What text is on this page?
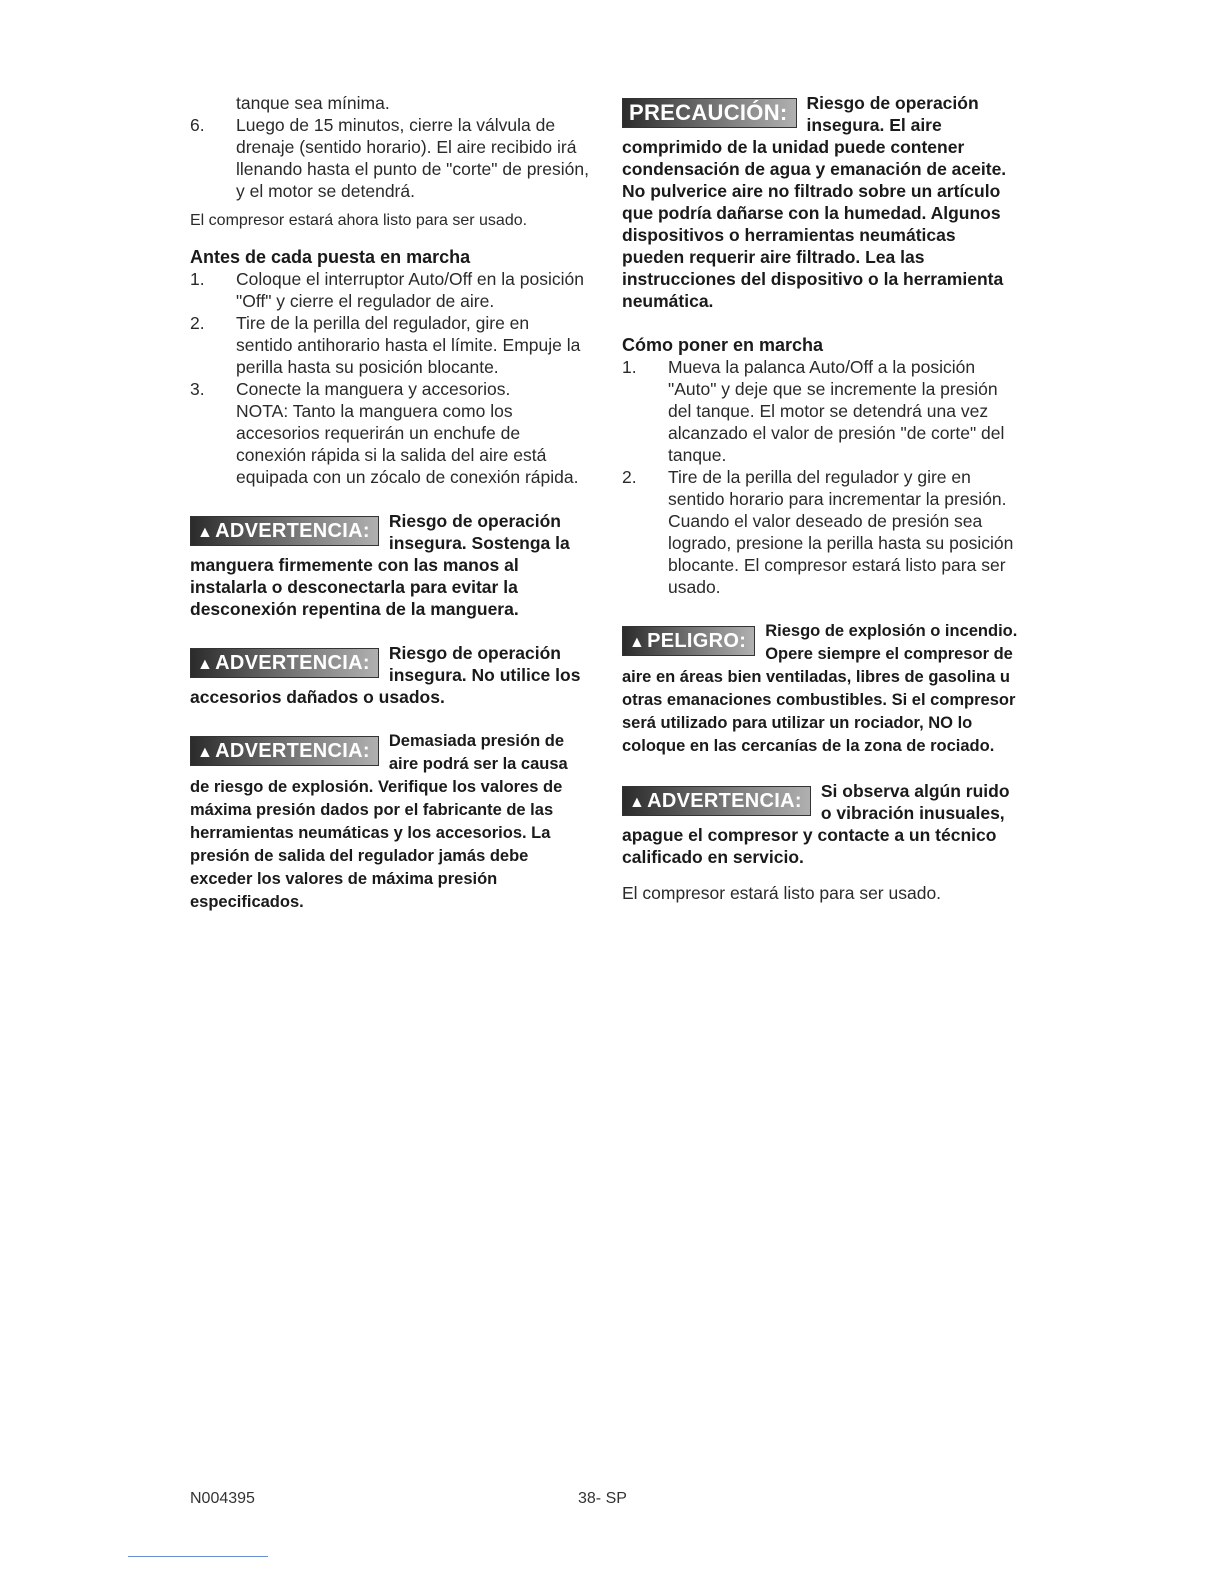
tanque sea mínima.

6. Luego de 15 minutos, cierre la válvula de drenaje (sentido horario). El aire recibido irá llenando hasta el punto de "corte" de presión, y el motor se detendrá.

El compresor estará ahora listo para ser usado.

Antes de cada puesta en marcha

1. Coloque el interruptor Auto/Off en la posición "Off" y cierre el regulador de aire.
2. Tire de la perilla del regulador, gire en sentido antihorario hasta el límite. Empuje la perilla hasta su posición blocante.
3. Conecte la manguera y accesorios.
NOTA: Tanto la manguera como los accesorios requerirán un enchufe de conexión rápida si la salida del aire está equipada con un zócalo de conexión rápida.
▲ ADVERTENCIA:	Riesgo de operación insegura. Sostenga la manguera firmemente con las manos al instalarla o desconectarla para evitar la desconexión repentina de la manguera.
▲ ADVERTENCIA:	Riesgo de operación insegura. No utilice los accesorios dañados o usados.
▲ ADVERTENCIA:	Demasiada presión de aire podrá ser la causa de riesgo de explosión. Verifique los valores de máxima presión dados por el fabricante de las herramientas neumáticas y los accesorios. La presión de salida del regulador jamás debe exceder los valores de máxima presión especificados.
PRECAUCIÓN:	Riesgo de operación insegura. El aire comprimido de la unidad puede contener condensación de agua y emanación de aceite. No pulverice aire no filtrado sobre un artículo que podría dañarse con la humedad. Algunos dispositivos o herramientas neumáticas pueden requerir aire filtrado. Lea las instrucciones del dispositivo o la herramienta neumática.

Cómo poner en marcha

1. Mueva la palanca Auto/Off a la posición "Auto" y deje que se incremente la presión del tanque. El motor se detendrá una vez alcanzado el valor de presión "de corte" del tanque.
2. Tire de la perilla del regulador y gire en sentido horario para incrementar la presión. Cuando el valor deseado de presión sea logrado, presione la perilla hasta su posición blocante. El compresor estará listo para ser usado.
▲ PELIGRO:	Riesgo de explosión o incendio. Opere siempre el compresor de aire en áreas bien ventiladas, libres de gasolina u otras emanaciones combustibles. Si el compresor será utilizado para utilizar un rociador, NO lo coloque en las cercanías de la zona de rociado.
▲ ADVERTENCIA:	Si observa algún ruido o vibración inusuales, apague el compresor y contacte a un técnico calificado en servicio.

El compresor estará listo para ser usado.

N004395	38- SP
